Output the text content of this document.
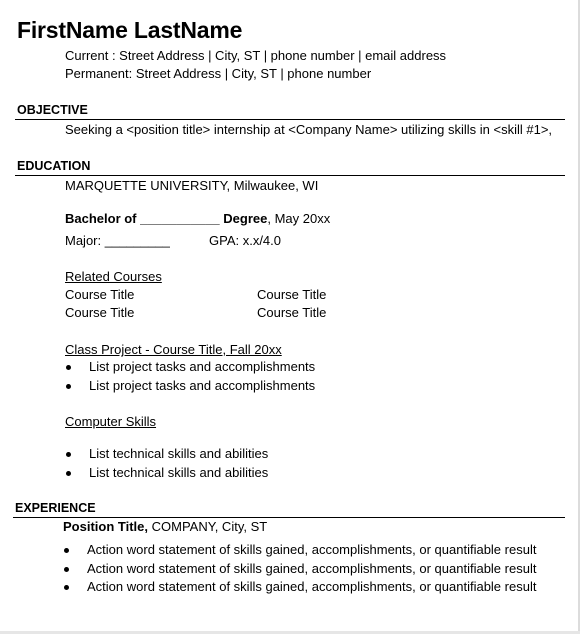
FirstName LastName
Current : Street Address | City, ST | phone number | email address
Permanent: Street Address | City, ST | phone number
OBJECTIVE
Seeking a <position title> internship at <Company Name> utilizing skills in <skill #1>,
EDUCATION
MARQUETTE UNIVERSITY, Milwaukee, WI
Bachelor of ___________ Degree, May 20xx
Major: _________	GPA: x.x/4.0
Related Courses
Course Title	Course Title
Course Title	Course Title
Class Project - Course Title, Fall 20xx
List project tasks and accomplishments
List project tasks and accomplishments
Computer Skills
List technical skills and abilities
List technical skills and abilities
EXPERIENCE
Position Title, COMPANY, City, ST
Action word statement of skills gained, accomplishments, or quantifiable result
Action word statement of skills gained, accomplishments, or quantifiable result
Action word statement of skills gained, accomplishments, or quantifiable result
